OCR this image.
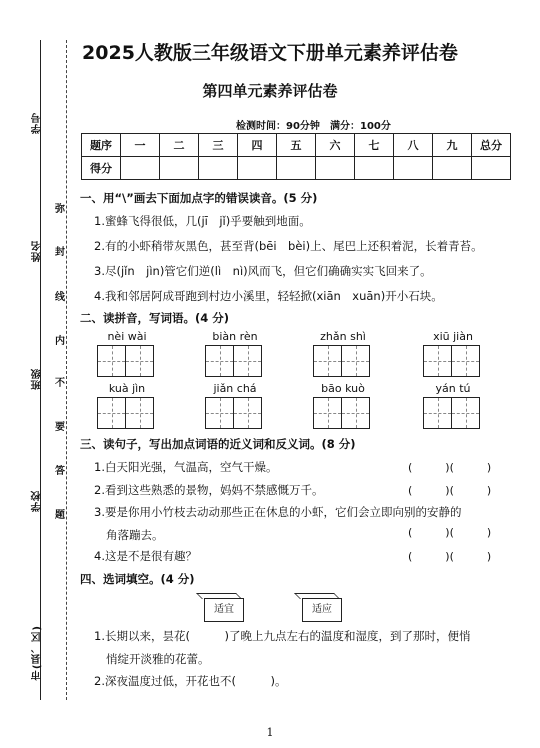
学号
姓名
班级
学校
市(县、区)
弥
封
线
内
不
要
答
题
2025人教版三年级语文下册单元素养评估卷
第四单元素养评估卷
检测时间：90分钟 满分：100分
题序	一	二	三	四	五	六	七	八	九	总分
得分										
一、用“\”画去下面加点字的错误读音。(5 分)
1.蜜蜂飞得很低，几(jī　jǐ)乎要触到地面。
2.有的小虾稍带灰黑色，甚至背(bēi　bèi)上、尾巴上还积着泥，长着青苔。
3.尽(jǐn　jìn)管它们逆(lì　nì)风而飞，但它们确确实实飞回来了。
4.我和邻居阿成哥跑到村边小溪里，轻轻掀(xiān　xuān)开小石块。
二、读拼音，写词语。(4 分)
nèi wài	biàn rèn	zhǎn shì	xiū jiàn
kuà jìn	jiǎn chá	bāo kuò	yán tú
三、读句子，写出加点词语的近义词和反义词。(8 分)
1.白天阳光强，气温高，空气干燥。	(　　　)(　　　)
2.看到这些熟悉的景物，妈妈不禁感慨万千。	(　　　)(　　　)
3.要是你用小竹枝去动动那些正在休息的小虾，它们会立即向别的安静的
角落蹦去。	(　　　)(　　　)
4.这是不是很有趣？	(　　　)(　　　)
四、选词填空。(4 分)
适宜	适应
1.长期以来，昙花(　　　)了晚上九点左右的温度和湿度，到了那时，便悄
悄绽开淡雅的花蕾。
2.深夜温度过低，开花也不(　　　)。
1
